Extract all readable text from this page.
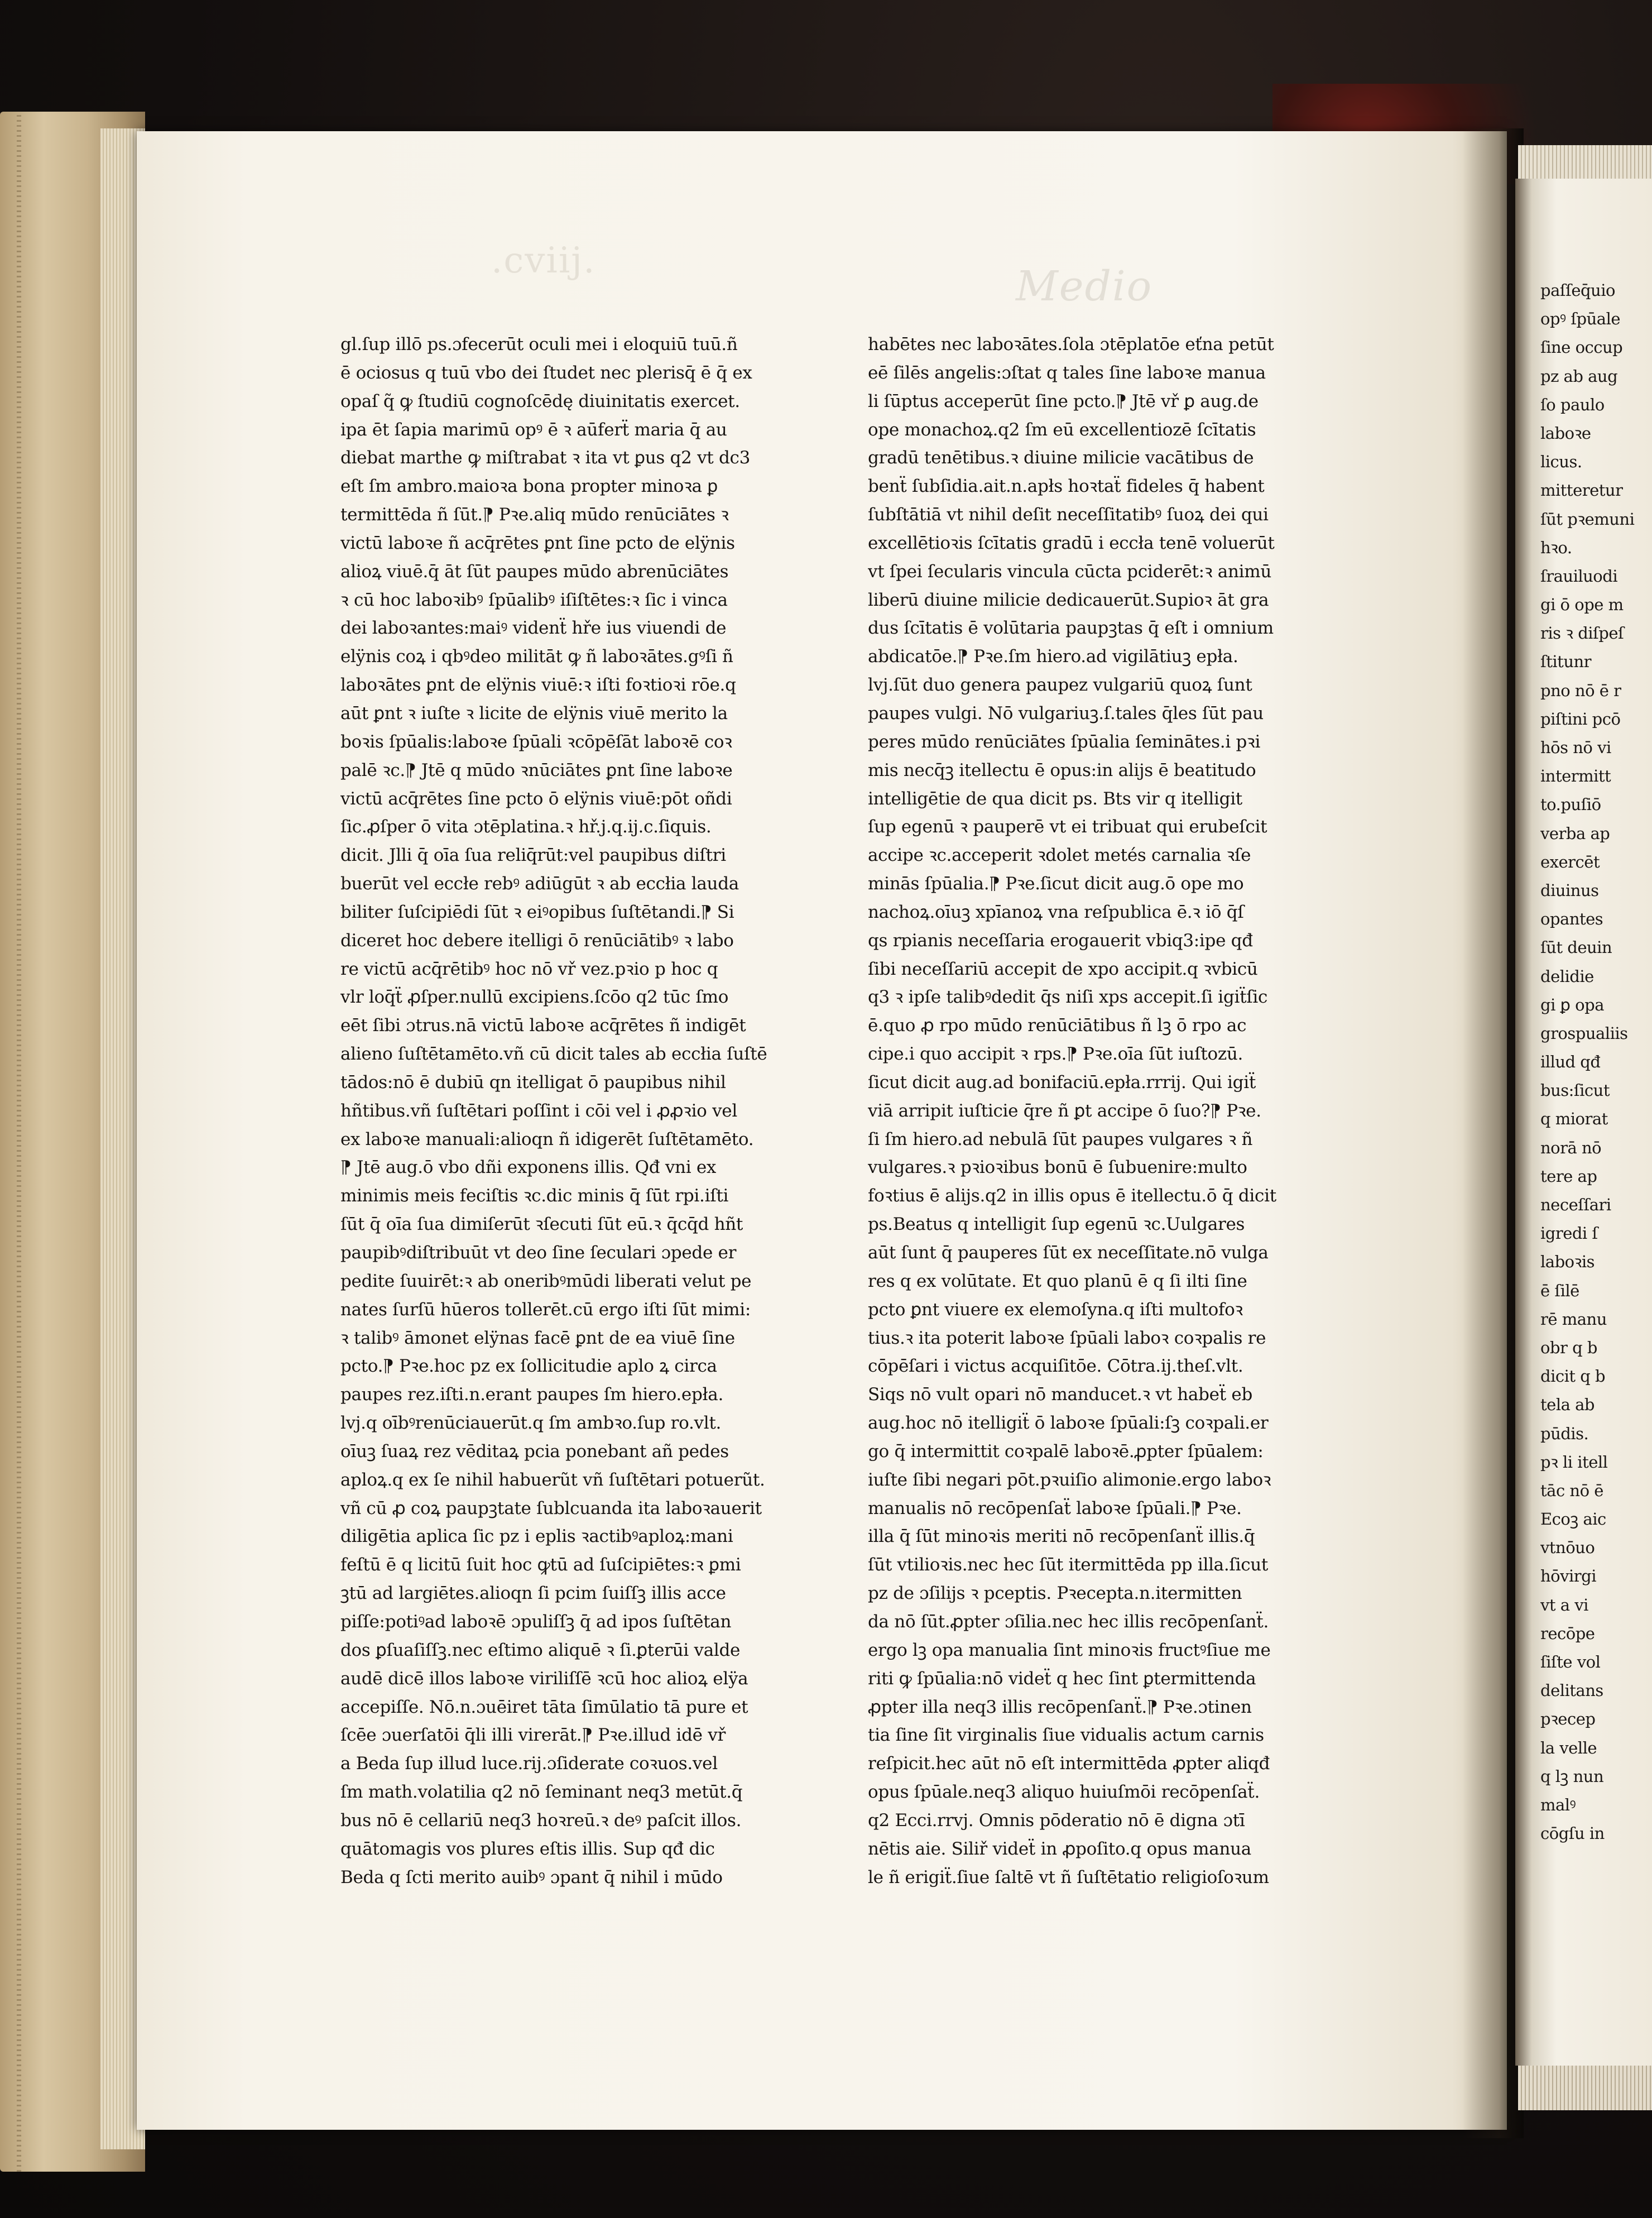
Medio
.cviij.
gl.ſup illō ps.ɔfecerūt oculi mei i eloquiū tuū.ñ
ē ociosus q tuū vbo dei ſtudet nec plerisq̄ ē q̄ ex
opaſ q̃ ꝙ ſtudiū cognoſcēdę diuinitatis exercet.
ipa ēt ſapia marimū opꝰ ē ꝛ aūferẗ maria q̄ au
diebat marthe ꝙ miſtrabat ꝛ ita vt ꝑus q2 vt dc3
eſt ſm ambro.maioꝛa bona propter minoꝛa ꝑ
termittēda ñ ſūt.⁋ Pꝛe.aliq mūdo renūciātes ꝛ
victū laboꝛe ñ acq̄rētes ꝑnt ſine pcto de elÿnis
alioꝝ viuē.q̄ āt ſūt paupes mūdo abrenūciātes
ꝛ cū hoc laboꝛibꝰ ſpūalibꝰ iſiſtētes:ꝛ ſic i vinca
dei laboꝛantes:maiꝰ videnẗ hře ius viuendi de
elÿnis coꝝ i qbꝰdeo militāt ꝙ ñ laboꝛātes.gꝰſi ñ
laboꝛātes ꝑnt de elÿnis viuē:ꝛ iſti foꝛtioꝛi rōe.q
aūt ꝑnt ꝛ iuſte ꝛ licite de elÿnis viuē merito la
boꝛis ſpūalis:laboꝛe ſpūali ꝛcōpēſāt laboꝛē coꝛ
palē ꝛc.⁋ Jtē q mūdo ꝛnūciātes ꝑnt ſine laboꝛe
victū acq̄rētes ſine pcto ō elÿnis viuē:pōt oñdi
ſic.ꝓſper ō vita ɔtēplatina.ꝛ hř.j.q.ij.c.ſiquis.
dicit. Jlli q̄ oīa ſua reliq̄rūt:vel paupibus diſtri
buerūt vel eccłe rebꝰ adiūgūt ꝛ ab eccłia lauda
biliter ſuſcipiēdi ſūt ꝛ eiꝰopibus ſuſtētandi.⁋ Si
diceret hoc debere itelligi ō renūciātibꝰ ꝛ labo
re victū acq̄rētibꝰ hoc nō vř vez.pꝛio p hoc q
vlr loq̄ẗ ꝓſper.nullū excipiens.ſcōo q2 tūc ſmo
eēt ſibi ɔtrus.nā victū laboꝛe acq̄rētes ñ indigēt
alieno ſuſtētamēto.vñ cū dicit tales ab eccłia ſuſtē
tādos:nō ē dubiū qn itelligat ō paupibus nihil
hñtibus.vñ ſuſtētari poſſint i cōi vel i ꝓꝓꝛio vel
ex laboꝛe manuali:alioqn ñ idigerēt ſuſtētamēto.
⁋ Jtē aug.ō vbo dñi exponens illis. Qđ vni ex
minimis meis feciſtis ꝛc.dic minis q̄ ſūt rpi.iſti
ſūt q̄ oīa ſua dimiſerūt ꝛſecuti ſūt eū.ꝛ q̄cq̄d hñt
paupibꝰdiſtribuūt vt deo ſine ſeculari ɔpede er
pedite ſuuirēt:ꝛ ab oneribꝰmūdi liberati velut pe
nates ſurſū hūeros tollerēt.cū ergo iſti ſūt mimi:
ꝛ talibꝰ āmonet elÿnas facē ꝑnt de ea viuē ſine
pcto.⁋ Pꝛe.hoc pz ex ſollicitudie aplo ꝝ circa
paupes rez.iſti.n.erant paupes ſm hiero.epła.
lvj.q oībꝰrenūciauerūt.q ſm ambꝛo.ſup ro.vlt.
oīuꝫ ſuaꝝ rez vēditaꝝ pcia ponebant añ pedes
aploꝝ.q ex ſe nihil habuerũt vñ ſuſtētari potuerũt.
vñ cū ꝓ coꝝ paupꝫtate ſublcuanda ita laboꝛauerit
diligētia aplica ſic pz i eplis ꝛactibꝰaploꝝ:mani
feſtū ē q licitū ſuit hoc ꝙtū ad ſuſcipiētes:ꝛ ꝑmi
ꝫtū ad largiētes.alioqn ſi pcim ſuiſſꝫ illis acce
piſſe:potiꝰad laboꝛē ɔpuliſſꝫ q̄ ad ipos ſuſtētan
dos ꝑſuaſiſſꝫ.nec eſtimo aliquē ꝛ ſi.ꝑterūi valde
audē dicē illos laboꝛe viriliſſē ꝛcū hoc alioꝝ elÿa
accepiſſe. Nō.n.ɔuēiret tāta ſimūlatio tā pure et
ſcēe ɔuerſatōi q̄li illi virerāt.⁋ Pꝛe.illud idē vř
a Beda ſup illud luce.rij.ɔſiderate coꝛuos.vel
ſm math.volatilia q2 nō ſeminant neq3 metūt.q̄
bus nō ē cellariū neq3 hoꝛreū.ꝛ deꝰ paſcit illos.
quātomagis vos plures eſtis illis. Sup qđ dic
Beda q ſcti merito auibꝰ ɔpant q̄ nihil i mūdo
habētes nec laboꝛātes.ſola ɔtēplatōe eťna petūt
eē ſilēs angelis:ɔſtat q tales ſine laboꝛe manua
li ſūptus acceperūt ſine pcto.⁋ Jtē vř ꝑ aug.de
ope monachoꝝ.q2 ſm eū excellentiozē ſcītatis
gradū tenētibus.ꝛ diuine milicie vacātibus de
benẗ ſubſidia.ait.n.apłs hoꝛtaẗ fideles q̄ habent
ſubſtātiā vt nihil deſit neceſſitatibꝰ ſuoꝝ dei qui
excellētioꝛis ſcītatis gradū i eccła tenē voluerūt
vt ſpei ſecularis vincula cūcta pciderēt:ꝛ animū
liberū diuine milicie dedicauerūt.Supioꝛ āt gra
dus ſcītatis ē volūtaria paupꝫtas q̄ eſt i omnium
abdicatōe.⁋ Pꝛe.ſm hiero.ad vigilātiuꝫ epła.
lvj.ſūt duo genera paupez vulgariū quoꝝ ſunt
paupes vulgi. Nō vulgariuꝫ.ſ.tales q̄les ſūt pau
peres mūdo renūciātes ſpūalia ſeminātes.i pꝛi
mis necq̄ꝫ itellectu ē opus:in alijs ē beatitudo
intelligētie de qua dicit ps. Bts vir q itelligit
ſup egenū ꝛ pauperē vt ei tribuat qui erubeſcit
accipe ꝛc.acceperit ꝛdolet metés carnalia ꝛſe
minās ſpūalia.⁋ Pꝛe.ſicut dicit aug.ō ope mo
nachoꝝ.oīuꝫ xpīanoꝝ vna reſpublica ē.ꝛ iō q̄ſ
qs rpianis neceſſaria erogauerit vbiq3:ipe qđ
ſibi neceſſariū accepit de xpo accipit.q ꝛvbicū
q3 ꝛ ipſe talibꝰdedit q̄s niſi xps accepit.ſi igiẗſic
ē.quo ꝓ rpo mūdo renūciātibus ñ lꝫ ō rpo ac
cipe.i quo accipit ꝛ rps.⁋ Pꝛe.oīa ſūt iuſtozū.
ſicut dicit aug.ad bonifaciū.epła.rrrij. Qui igiẗ
viā arripit iuſticie q̄re ñ ꝑt accipe ō ſuo?⁋ Pꝛe.
ſi ſm hiero.ad nebulā ſūt paupes vulgares ꝛ ñ
vulgares.ꝛ pꝛioꝛibus bonū ē ſubuenire:multo
foꝛtius ē alijs.q2 in illis opus ē itellectu.ō q̄ dicit
ps.Beatus q intelligit ſup egenū ꝛc.Uulgares
aūt ſunt q̄ pauperes ſūt ex neceſſitate.nō vulga
res q ex volūtate. Et quo planū ē q ſi ilti ſine
pcto ꝑnt viuere ex elemoſyna.q iſti multofoꝛ
tius.ꝛ ita poterit laboꝛe ſpūali laboꝛ coꝛpalis re
cōpēſari i victus acquiſitōe. Cōtra.ij.theſ.vlt.
Siqs nō vult opari nō manducet.ꝛ vt habeẗ eb
aug.hoc nō itelligiẗ ō laboꝛe ſpūali:ſꝫ coꝛpali.er
go q̄ intermittit coꝛpalē laboꝛē.ꝓpter ſpūalem:
iuſte ſibi negari pōt.pꝛuiſio alimonie.ergo laboꝛ
manualis nō recōpenſaẗ laboꝛe ſpūali.⁋ Pꝛe.
illa q̄ ſūt minoꝛis meriti nō recōpenſanẗ illis.q̄
ſūt vtilioꝛis.nec hec ſūt itermittēda pp illa.ſicut
pz de ɔſilijs ꝛ pceptis. Pꝛecepta.n.itermitten
da nō ſūt.ꝓpter ɔſilia.nec hec illis recōpenſanẗ.
ergo lꝫ opa manualia ſint minoꝛis fructꝰſiue me
riti ꝙ ſpūalia:nō videẗ q hec ſint ꝑtermittenda
ꝓpter illa neq3 illis recōpenſanẗ.⁋ Pꝛe.ɔtinen
tia ſine ſit virginalis ſiue vidualis actum carnis
reſpicit.hec aūt nō eſt intermittēda ꝓpter aliqđ
opus ſpūale.neq3 aliquo huiuſmōi recōpenſaẗ.
q2 Ecci.rrvj. Omnis pōderatio nō ē digna ɔtī
nētis aie. Siliř videẗ in ꝓpoſito.q opus manua
le ñ erigiẗ.ſiue ſaltē vt ñ ſuſtētatio religioſoꝛum
paſſeq̄uio
opꝰ ſpūale
ſine occup
pz ab aug
ſo paulo
laboꝛe
licus.
mitteretur
ſūt pꝛemuni
hꝛo.
ſrauiluodi
gi ō ope m
ris ꝛ diſpeſ
ſtitunr
pno nō ē r
piſtini pcō
hōs nō vi
intermitt
to.puſiō
verba ap
exercēt
diuinus
opantes
ſūt deuin
delidie
gi ꝑ opa
grospualiis
illud qđ
bus:ſicut
q miorat
norā nō
tere ap
neceſſari
igredi ſ
laboꝛis
ē ſilē
rē manu
obr q b
dicit q b
tela ab
pūdis.
pꝛ li itell
tāc nō ē
Ecoꝫ aic
vtnōuo
hōvirgi
vt a vi
recōpe
ſiſte vol
delitans
pꝛecep
la velle
q lꝫ nun
malꝰ
cōgſu in
